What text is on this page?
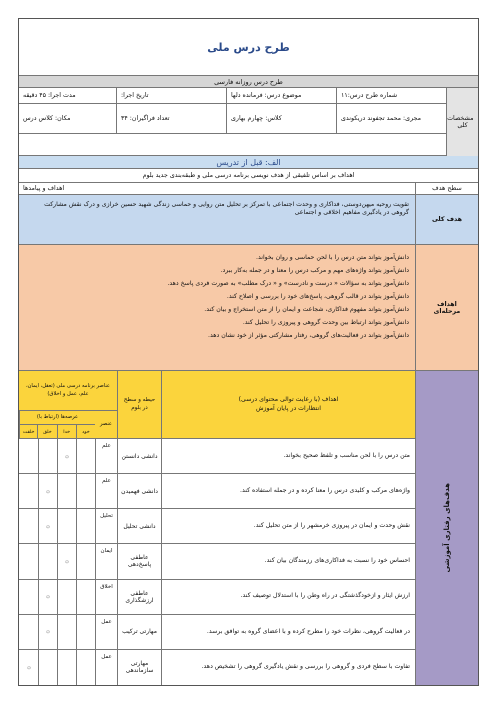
طرح درس ملی
طرح درس روزانه فارسی
مشخصات کلی
شماره طرح درس:۱۱
مجری: محمد تجفوند دریکوندی
موضوع درس: فرمانده دلها
کلاس: چهارم بهاری
تاریخ اجرا:
تعداد فراگیران: ۳۴
مدت اجرا: ۴۵ دقیقه
مکان: کلاس درس
الف: قبل از تدریس
اهداف بر اساس تلفیقی از هدف نویسی برنامه درسی ملی و طبقه‌بندی جدید بلوم
سطح هدف
اهداف و پیامدها
هدف کلی
تقویت روحیه میهن‌دوستی، فداکاری و وحدت اجتماعی با تمرکز بر تحلیل متن روایی و حماسی زندگی شهید حسین خرازی و درک نقش مشارکت گروهی در یادگیری مفاهیم اخلاقی و اجتماعی
اهداف مرحله‌ای
دانش‌آموز بتواند متن درس را با لحن حماسی و روان بخواند.
دانش‌آموز بتواند واژه‌های مهم و مرکب درس را معنا و در جمله به‌کار ببرد.
دانش‌آموز بتواند به سؤالات « درست و نادرست» و « درک مطلب» به صورت فردی پاسخ دهد.
دانش‌آموز بتواند در قالب گروهی، پاسخ‌های خود را بررسی و اصلاح کند.
دانش‌آموز بتواند مفهوم فداکاری، شجاعت و ایمان را از متن استخراج و بیان کند.
دانش‌آموز بتواند ارتباط بین وحدت گروهی و پیروزی را تحلیل کند.
دانش‌آموز بتواند در فعالیت‌های گروهی، رفتار مشارکتی مؤثر از خود نشان دهد.
هدف‌های رفتاری آموزشی
اهداف (با رعایت توالی محتوای درسی)
انتظارات در پایان آموزش
حیطه و سطح در بلوم
عناصر برنامه درسی ملی (تعقل، ایمان، علم، عمل و اخلاق)
عرصه‌ها (ارتباط با)
عنصر
خود
خدا
خلق
خلقت
متن درس را با لحن مناسب و تلفظ صحیح بخواند.
دانشی دانستن
علم
۞
واژه‌های مرکب و کلیدی درس را معنا کرده و در جمله استفاده کند.
دانشی فهمیدن
علم
۞
نقش وحدت و ایمان در پیروزی خرمشهر را از متن تحلیل کند.
دانشی تحلیل
تحلیل
۞
احساس خود را نسبت به فداکاری‌های رزمندگان بیان کند.
عاطفی پاسخ‌دهی
ایمان
۞
ارزش ایثار و ازخودگذشتگی در راه وطن را با استدلال توصیف کند.
عاطفی ارزشگذاری
اخلاق
۞
در فعالیت گروهی، نظرات خود را مطرح کرده و با اعضای گروه به توافق برسد.
مهارتی ترکیب
عمل
۞
تفاوت با سطح فردی و گروهی را بررسی و نقش یادگیری گروهی را تشخیص دهد.
مهارتی سازماندهی
عمل
۞
